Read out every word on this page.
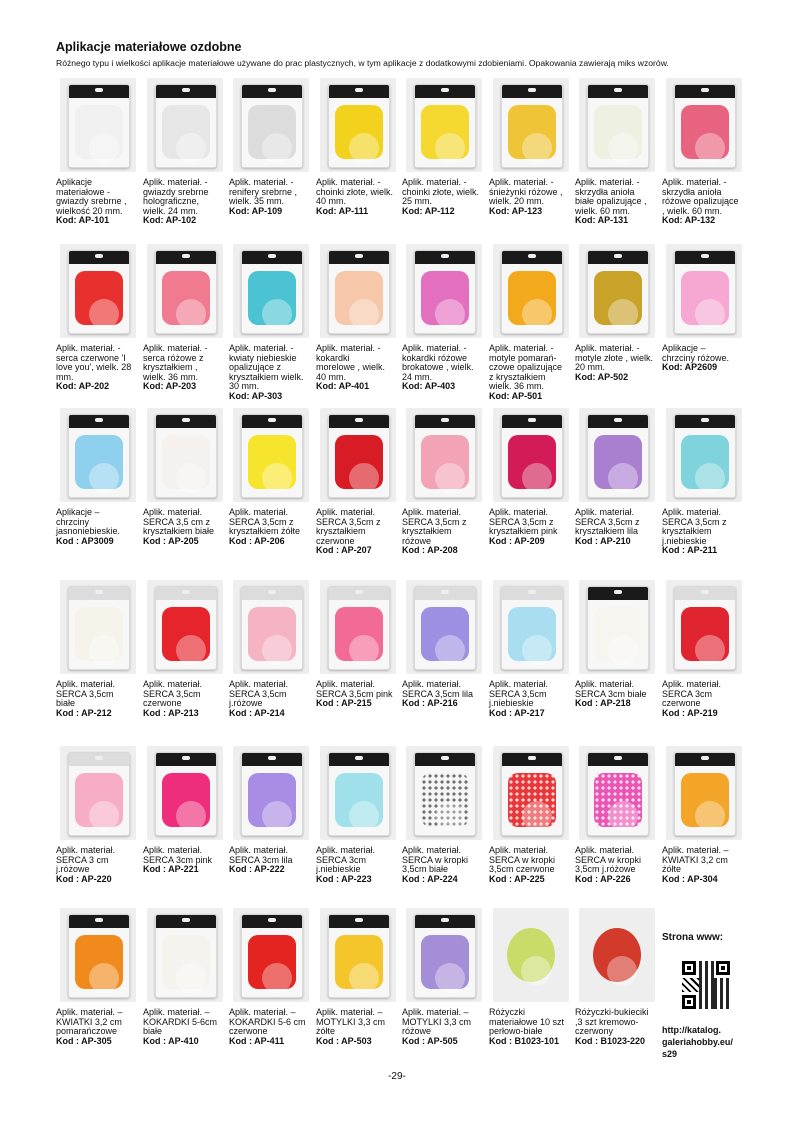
Aplikacje materiałowe ozdobne
Różnego typu i wielkości aplikacje materiałowe używane do prac plastycznych, w tym aplikacje z dodatkowymi zdobieniami. Opakowania zawierają miks wzorów.
Aplikacje
materiałowe -
gwiazdy srebrne ,
wielkość 20 mm.
Kod: AP-101
Aplik. materiał. -
gwiazdy srebrne
holograficzne,
wielk. 24 mm.
Kod: AP-102
Aplik. materiał. -
renifery srebrne ,
wielk. 35 mm.
Kod: AP-109
Aplik. materiał. -
choinki złote, wielk.
40 mm.
Kod: AP-111
Aplik. materiał. -
choinki złote, wielk.
25 mm.
Kod: AP-112
Aplik. materiał. -
śnieżynki różowe ,
wielk. 20 mm.
Kod: AP-123
Aplik. materiał. -
skrzydła anioła
białe opalizujące ,
wielk. 60 mm.
Kod: AP-131
Aplik. materiał. -
skrzydła anioła
różowe opalizujące
, wielk. 60 mm.
Kod: AP-132
Aplik. materiał. -
serca czerwone 'I
love you', wielk. 28
mm.
Kod: AP-202
Aplik. materiał. -
serca różowe z
kryształkiem ,
wielk. 36 mm.
Kod: AP-203
Aplik. materiał. -
kwiaty niebieskie
opalizujące z
kryształkiem wielk.
30 mm.
Kod: AP-303
Aplik. materiał. -
kokardki
morelowe , wielk.
40 mm.
Kod: AP-401
Aplik. materiał. -
kokardki różowe
brokatowe , wielk.
24 mm.
Kod: AP-403
Aplik. materiał. -
motyle pomarań-
czowe opalizujące
z kryształkiem
wielk. 36 mm.
Kod: AP-501
Aplik. materiał. -
motyle złote , wielk.
20 mm.
Kod: AP-502
Aplikacje –
chrzciny różowe.
Kod: AP2609
Aplikacje –
chrzciny
jasnoniebieskie.
Kod : AP3009
Aplik. materiał.
SERCA 3,5 cm z
kryształkiem białe
Kod : AP-205
Aplik. materiał.
SERCA 3,5cm z
kryształkiem żółte
Kod : AP-206
Aplik. materiał.
SERCA 3,5cm z
kryształkiem
czerwone
Kod : AP-207
Aplik. materiał.
SERCA 3,5cm z
kryształkiem
różowe
Kod : AP-208
Aplik. materiał.
SERCA 3,5cm z
kryształkiem pink
Kod : AP-209
Aplik. materiał.
SERCA 3,5cm z
kryształkiem lila
Kod : AP-210
Aplik. materiał.
SERCA 3,5cm z
kryształkiem
j.niebieskie
Kod : AP-211
Aplik. materiał.
SERCA 3,5cm
białe
Kod : AP-212
Aplik. materiał.
SERCA 3,5cm
czerwone
Kod : AP-213
Aplik. materiał.
SERCA 3,5cm
j.różowe
Kod : AP-214
Aplik. materiał.
SERCA 3,5cm pink
Kod : AP-215
Aplik. materiał.
SERCA 3,5cm lila
Kod : AP-216
Aplik. materiał.
SERCA 3,5cm
j.niebieskie
Kod : AP-217
Aplik. materiał.
SERCA 3cm białe
Kod : AP-218
Aplik. materiał.
SERCA 3cm
czerwone
Kod : AP-219
Aplik. materiał.
SERCA 3 cm
j.różowe
Kod : AP-220
Aplik. materiał.
SERCA 3cm pink
Kod : AP-221
Aplik. materiał.
SERCA 3cm lila
Kod : AP-222
Aplik. materiał.
SERCA 3cm
j.niebieskie
Kod : AP-223
Aplik. materiał.
SERCA w kropki
3,5cm białe
Kod : AP-224
Aplik. materiał.
SERCA w kropki
3,5cm czerwone
Kod : AP-225
Aplik. materiał.
SERCA w kropki
3,5cm j.różowe
Kod : AP-226
Aplik. materiał. –
KWIATKI 3,2 cm
żółte
Kod : AP-304
Aplik. materiał. –
KWIATKI 3,2 cm
pomarańczowe
Kod : AP-305
Aplik. materiał. –
KOKARDKI 5-6cm
białe
Kod : AP-410
Aplik. materiał. –
KOKARDKI 5-6 cm
czerwone
Kod : AP-411
Aplik. materiał. –
MOTYLKI 3,3 cm
żółte
Kod : AP-503
Aplik. materiał. –
MOTYLKI 3,3 cm
różowe
Kod : AP-505
Różyczki
materiałowe 10 szt
perłowo-białe
Kod : B1023-101
Różyczki-bukieciki
,3 szt kremowo-
czerwony
Kod : B1023-220
Strona www:
http://katalog.
galeriahobby.eu/
s29
-29-
